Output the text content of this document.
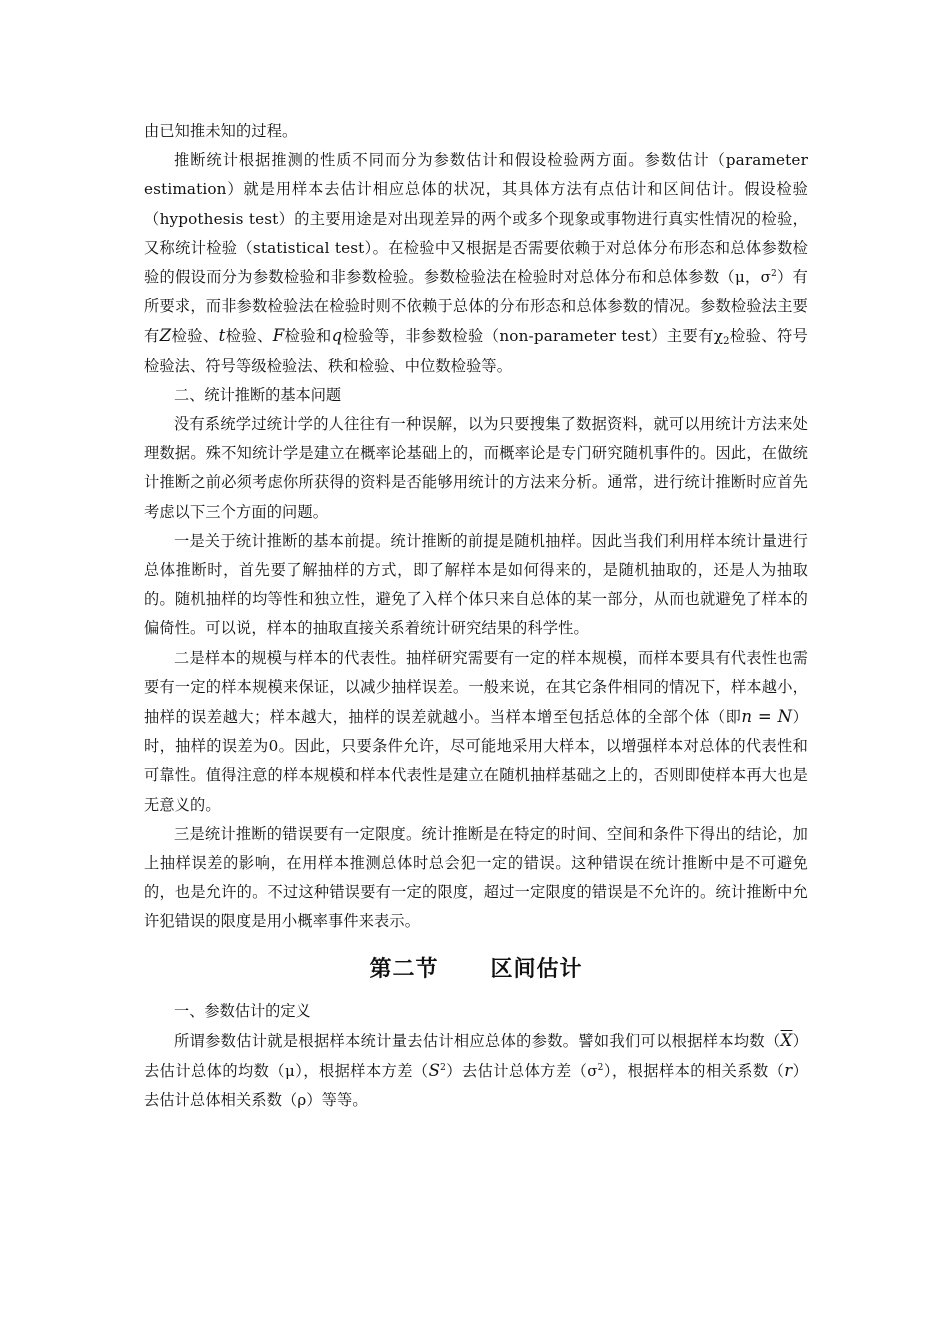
由已知推未知的过程。

推断统计根据推测的性质不同而分为参数估计和假设检验两方面。参数估计（parameter estimation）就是用样本去估计相应总体的状况，其具体方法有点估计和区间估计。假设检验（hypothesis test）的主要用途是对出现差异的两个或多个现象或事物进行真实性情况的检验，又称统计检验（statistical test）。在检验中又根据是否需要依赖于对总体分布形态和总体参数检验的假设而分为参数检验和非参数检验。参数检验法在检验时对总体分布和总体参数（μ，$\sigma^2$）有所要求，而非参数检验法在检验时则不依赖于总体的分布形态和总体参数的情况。参数检验法主要有Z检验、t检验、F检验和q检验等，非参数检验（non-parameter test）主要有$\chi_2$检验、符号检验法、符号等级检验法、秩和检验、中位数检验等。

二、统计推断的基本问题

没有系统学过统计学的人往往有一种误解，以为只要搜集了数据资料，就可以用统计方法来处理数据。殊不知统计学是建立在概率论基础上的，而概率论是专门研究随机事件的。因此，在做统计推断之前必须考虑你所获得的资料是否能够用统计的方法来分析。通常，进行统计推断时应首先考虑以下三个方面的问题。

一是关于统计推断的基本前提。统计推断的前提是随机抽样。因此当我们利用样本统计量进行总体推断时，首先要了解抽样的方式，即了解样本是如何得来的，是随机抽取的，还是人为抽取的。随机抽样的均等性和独立性，避免了入样个体只来自总体的某一部分，从而也就避免了样本的偏倚性。可以说，样本的抽取直接关系着统计研究结果的科学性。

二是样本的规模与样本的代表性。抽样研究需要有一定的样本规模，而样本要具有代表性也需要有一定的样本规模来保证，以减少抽样误差。一般来说，在其它条件相同的情况下，样本越小，抽样的误差越大；样本越大，抽样的误差就越小。当样本增至包括总体的全部个体（即n = N）时，抽样的误差为0。因此，只要条件允许，尽可能地采用大样本，以增强样本对总体的代表性和可靠性。值得注意的样本规模和样本代表性是建立在随机抽样基础之上的，否则即使样本再大也是无意义的。

三是统计推断的错误要有一定限度。统计推断是在特定的时间、空间和条件下得出的结论，加上抽样误差的影响，在用样本推测总体时总会犯一定的错误。这种错误在统计推断中是不可避免的，也是允许的。不过这种错误要有一定的限度，超过一定限度的错误是不允许的。统计推断中允许犯错误的限度是用小概率事件来表示。

第二节      区间估计

一、参数估计的定义

所谓参数估计就是根据样本统计量去估计相应总体的参数。譬如我们可以根据样本均数$(\overline{X})$去估计总体的均数（μ），根据样本方差$(S^2)$去估计总体方差$(\sigma^2)$，根据样本的相关系数（r）去估计总体相关系数（ρ）等等。
